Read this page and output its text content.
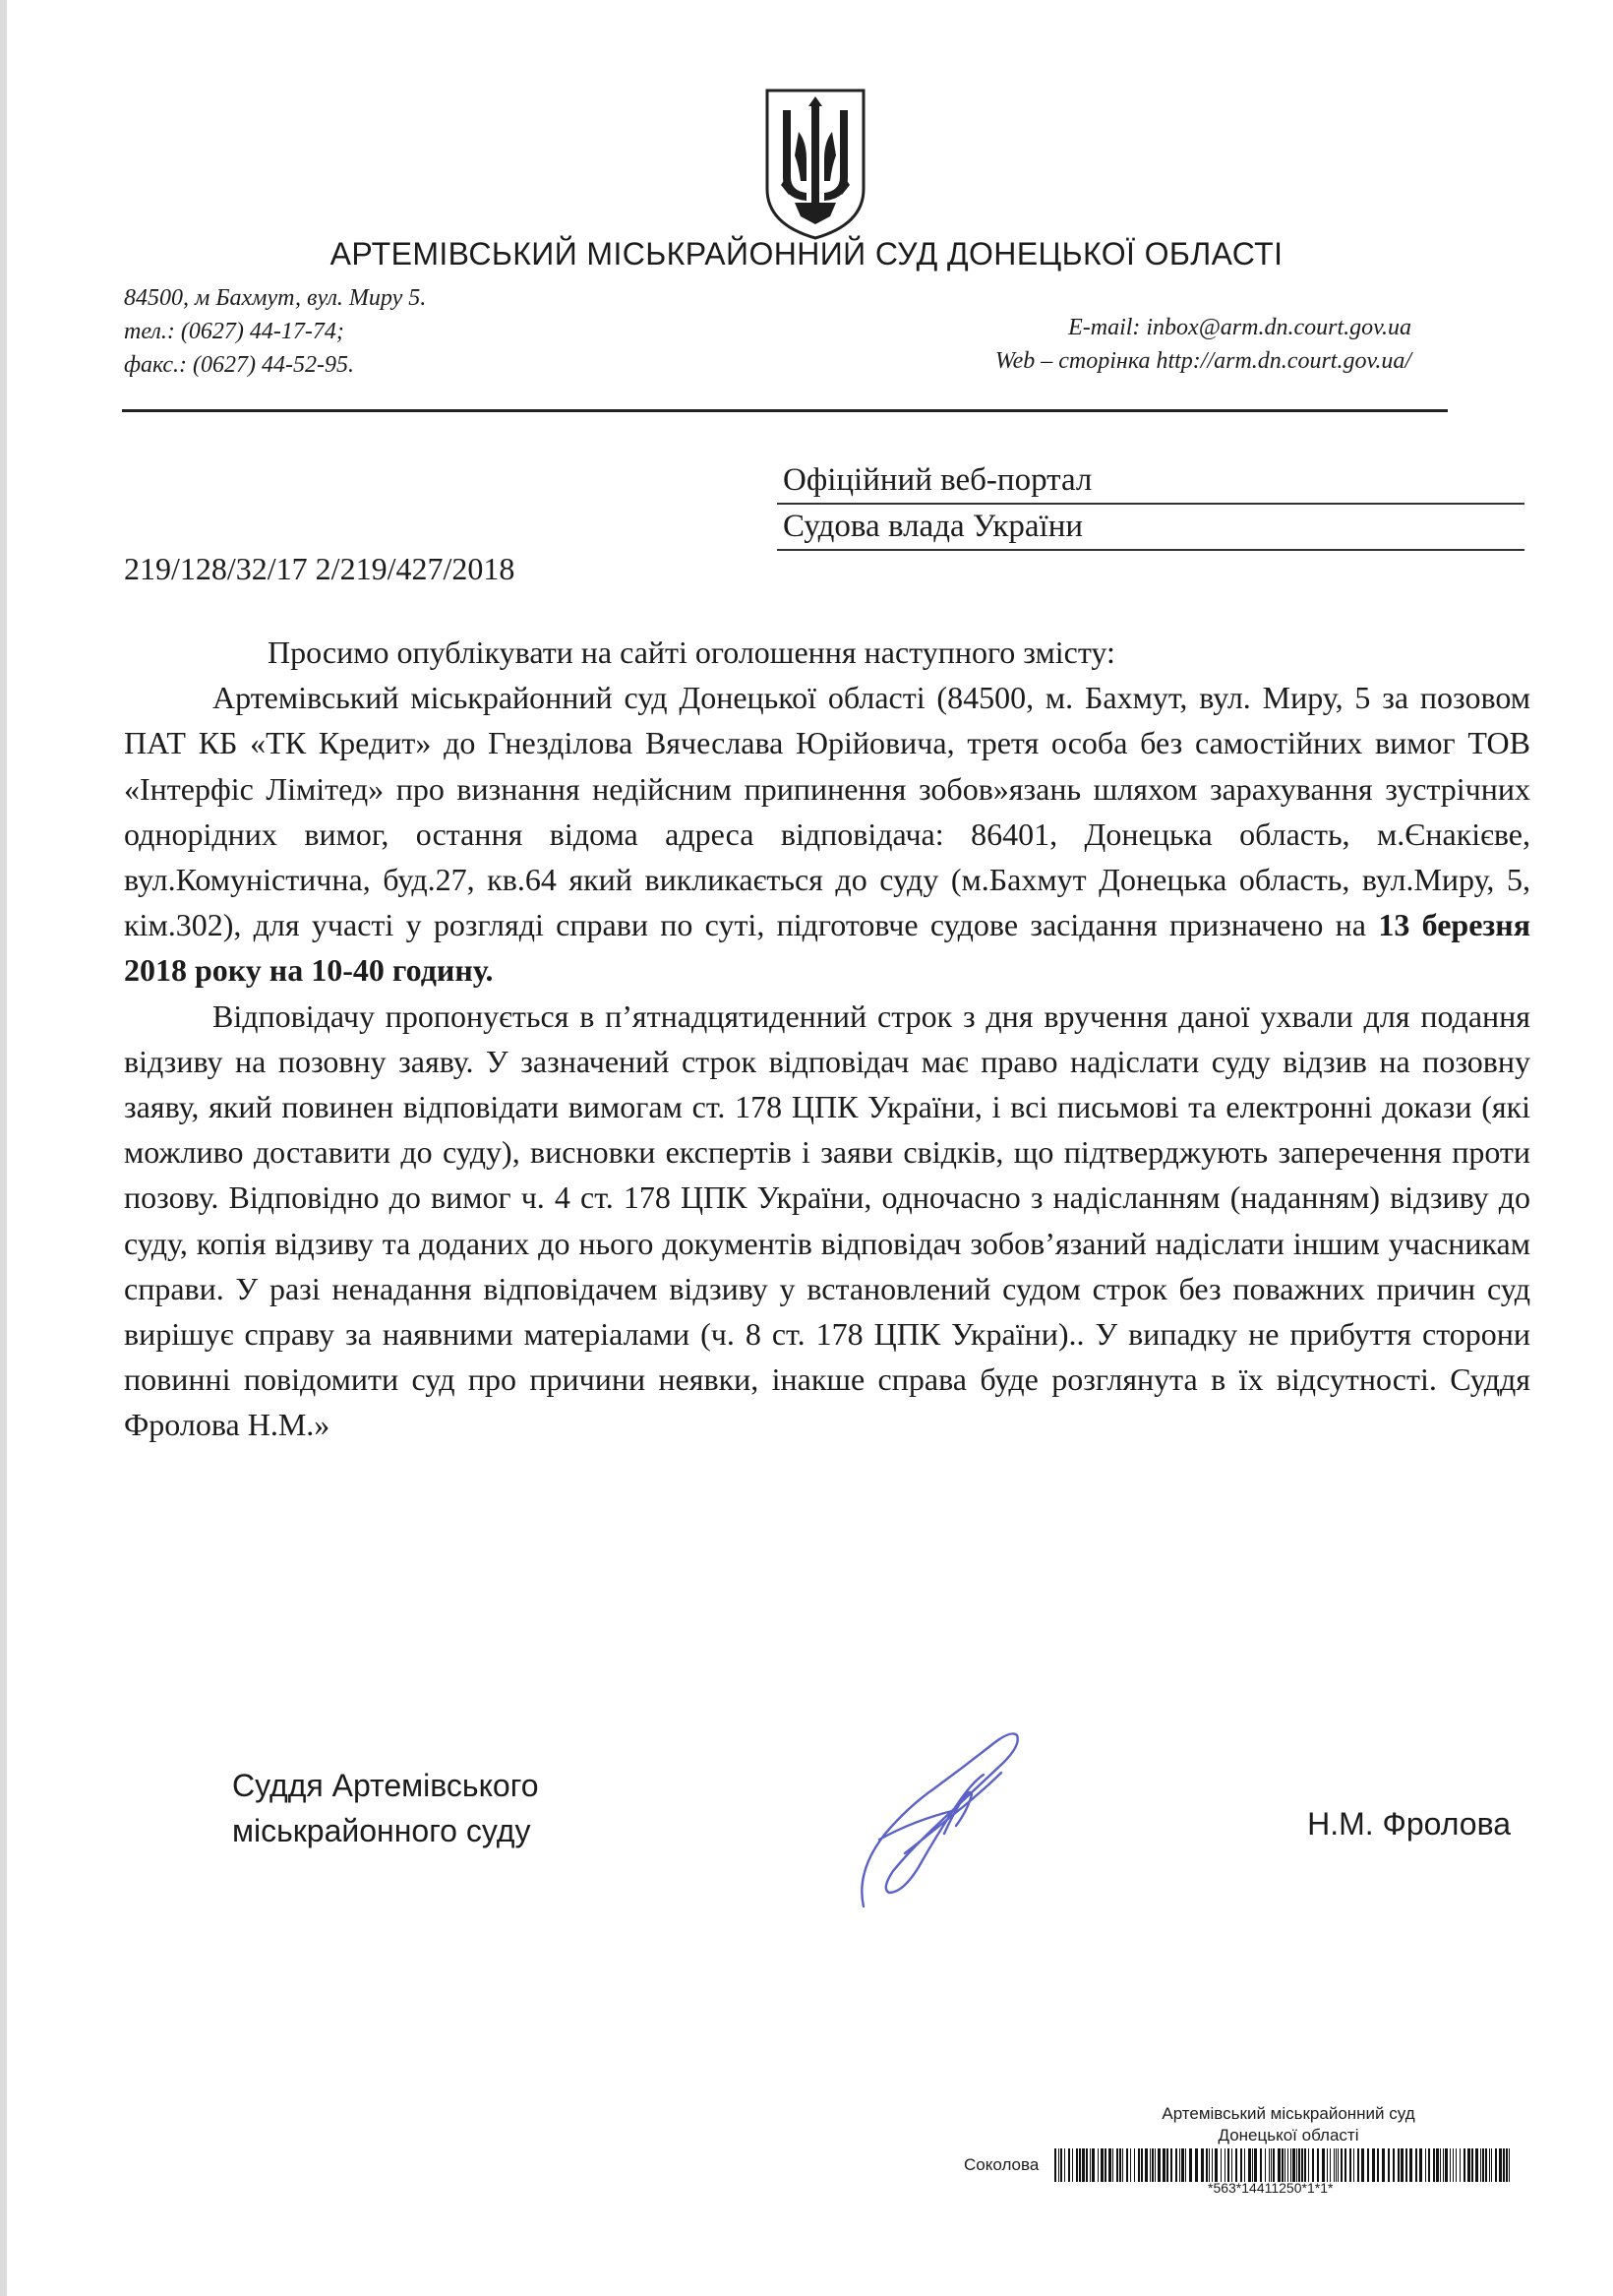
АРТЕМІВСЬКИЙ МІСЬКРАЙОННИЙ СУД ДОНЕЦЬКОЇ ОБЛАСТІ
84500, м Бахмут, вул. Миру 5.
тел.: (0627) 44-17-74;
факс.: (0627) 44-52-95.
E-mail: inbox@arm.dn.court.gov.ua
Web – сторінка http://arm.dn.court.gov.ua/
Офіційний веб-портал
Судова влада України
219/128/32/17 2/219/427/2018

Просимо опублікувати на сайті оголошення наступного змісту:

Артемівський міськрайонний суд Донецької області (84500, м. Бахмут, вул. Миру, 5 за позовом ПАТ КБ «ТК Кредит» до Гнезділова Вячеслава Юрійовича, третя особа без самостійних вимог ТОВ «Інтерфіс Лімітед» про визнання недійсним припинення зобов»язань шляхом зарахування зустрічних однорідних вимог, остання відома адреса відповідача: 86401, Донецька область, м.Єнакієве, вул.Комуністична, буд.27, кв.64 який викликається до суду (м.Бахмут Донецька область, вул.Миру, 5, кім.302), для участі у розгляді справи по суті, підготовче судове засідання призначено на 13 березня 2018 року на 10-40 годину.

Відповідачу пропонується в п’ятнадцятиденний строк з дня вручення даної ухвали для подання відзиву на позовну заяву. У зазначений строк відповідач має право надіслати суду відзив на позовну заяву, який повинен відповідати вимогам ст. 178 ЦПК України, і всі письмові та електронні докази (які можливо доставити до суду), висновки експертів і заяви свідків, що підтверджують заперечення проти позову. Відповідно до вимог ч. 4 ст. 178 ЦПК України, одночасно з надісланням (наданням) відзиву до суду, копія відзиву та доданих до нього документів відповідач зобов’язаний надіслати іншим учасникам справи. У разі ненадання відповідачем відзиву у встановлений судом строк без поважних причин суд вирішує справу за наявними матеріалами (ч. 8 ст. 178 ЦПК України).. У випадку не прибуття сторони повинні повідомити суд про причини неявки, інакше справа буде розглянута в їх відсутності. Суддя Фролова Н.М.»

Суддя Артемівського
міськрайонного суду	Н.М. Фролова
Артемівський міськрайонний суд
Донецької області
Соколова
*563*14411250*1*1*
